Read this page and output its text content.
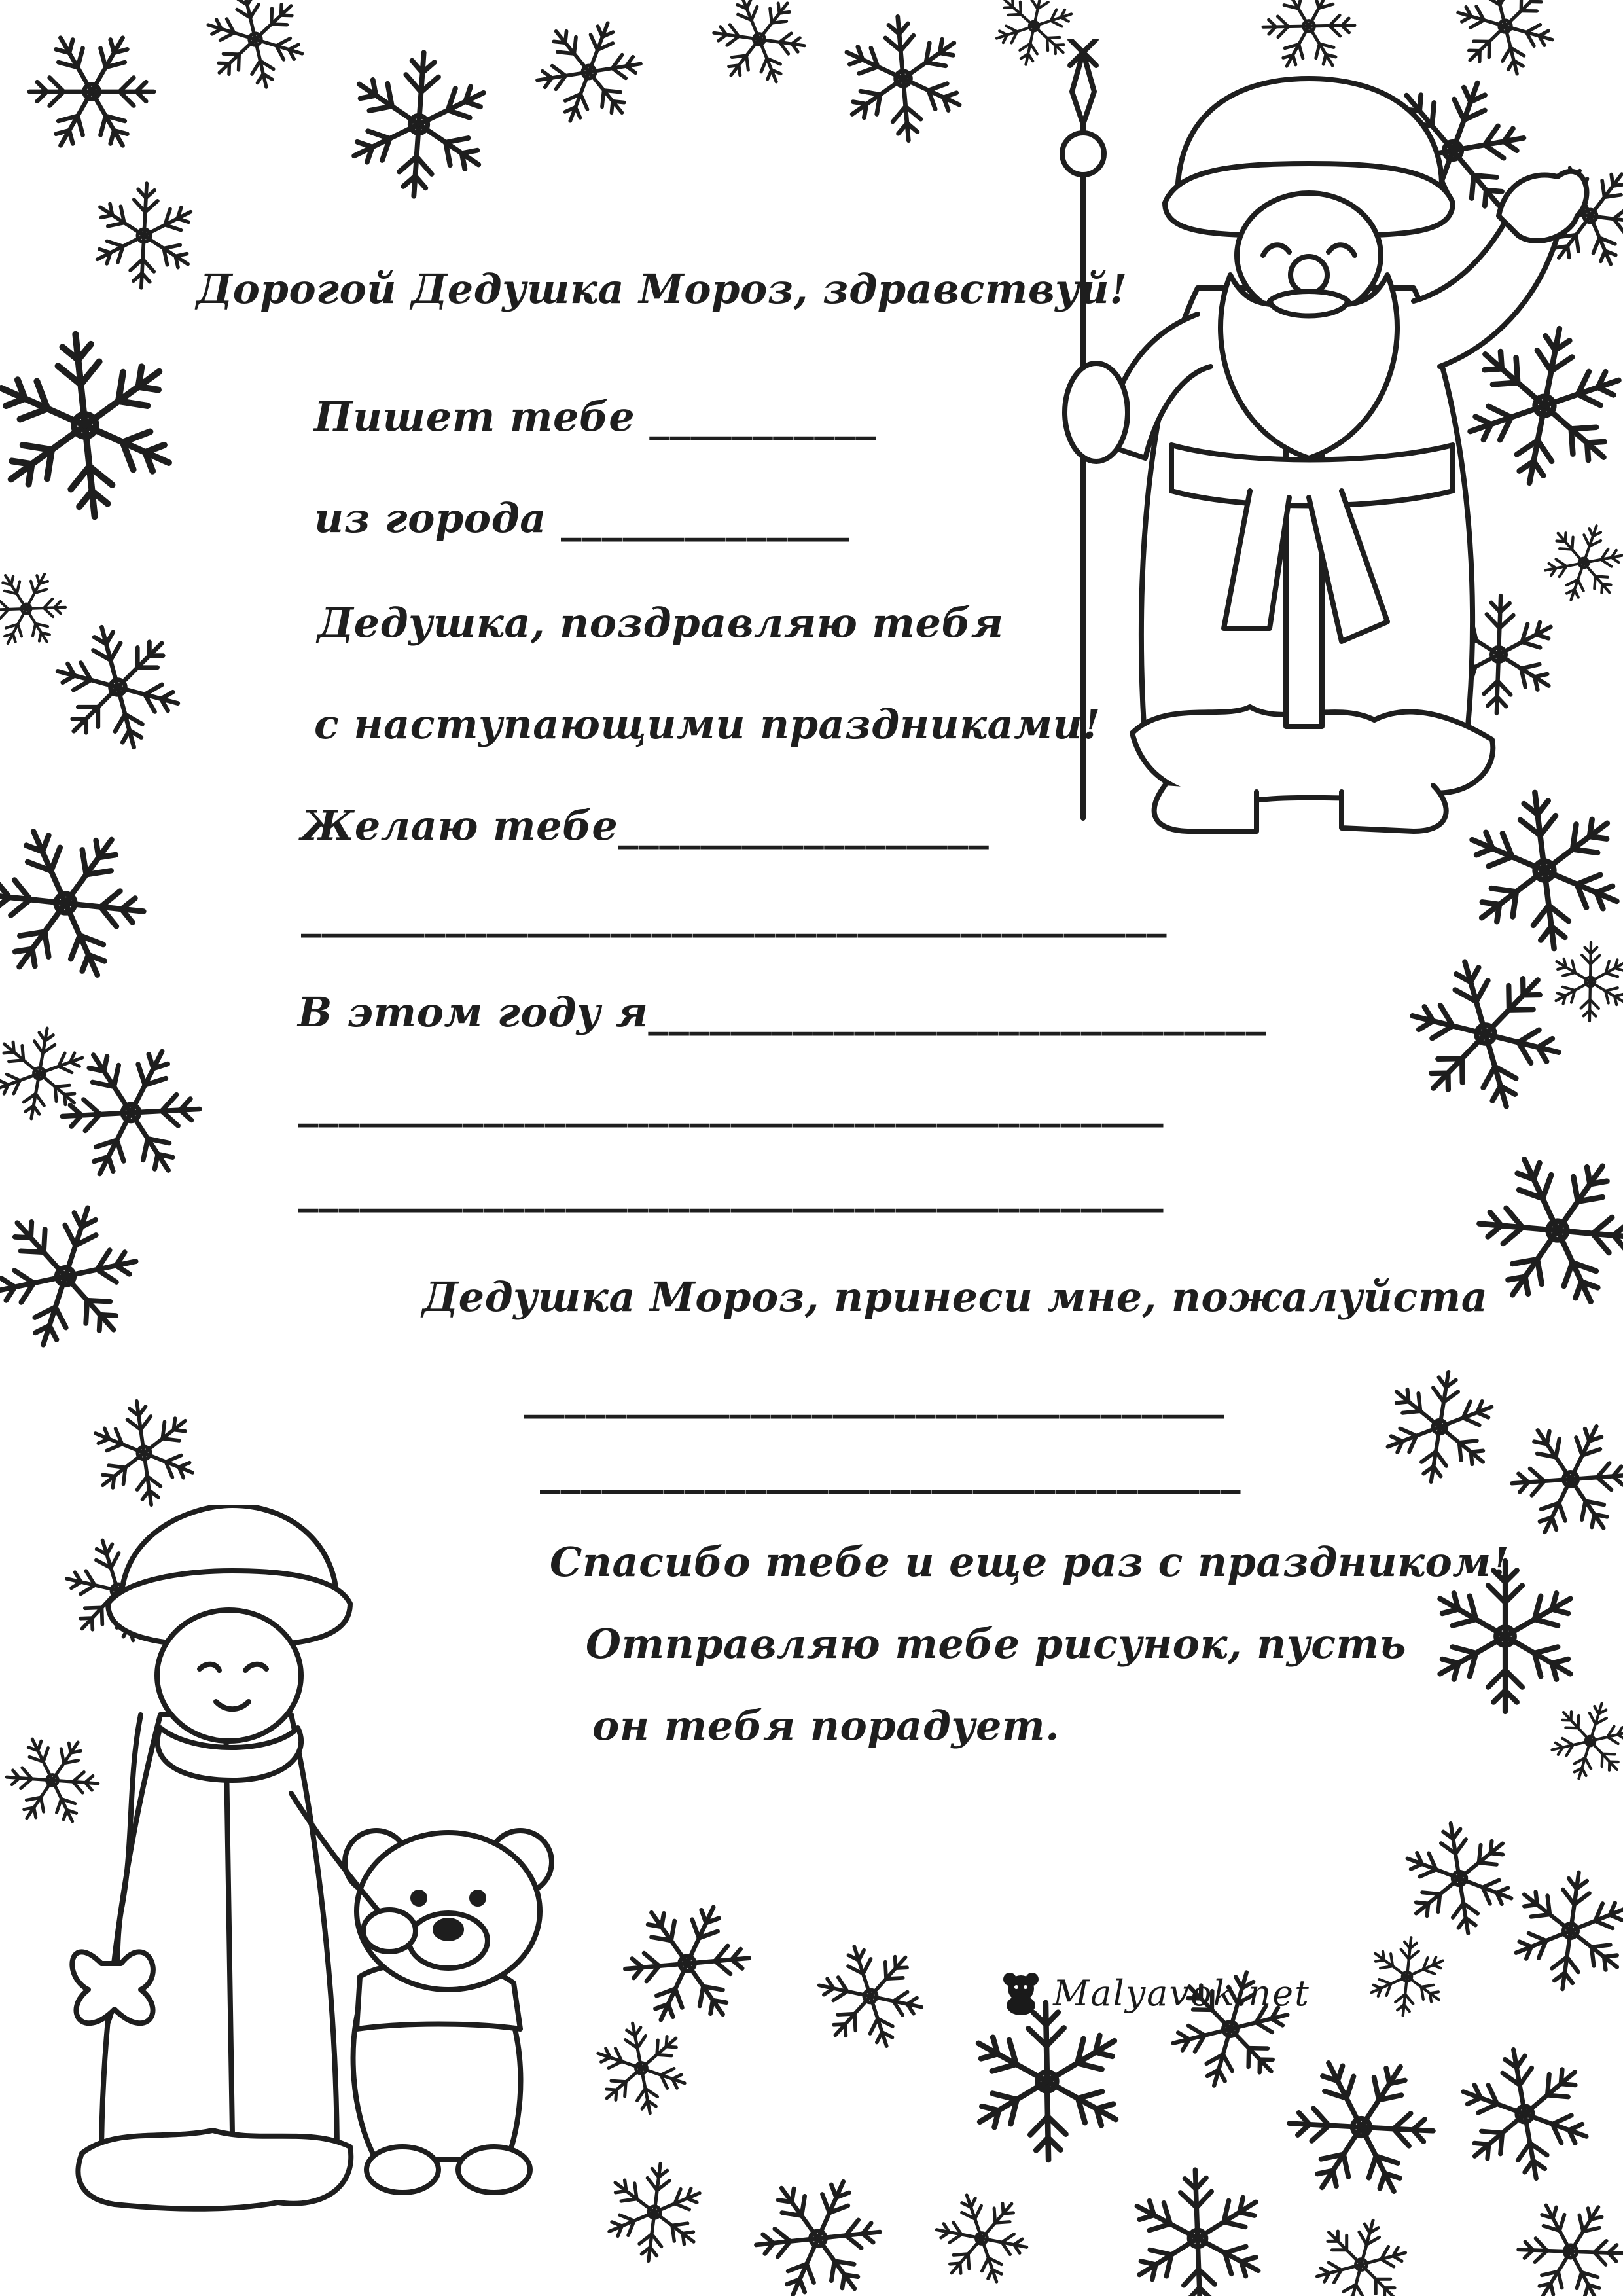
Дорогой Дедушка Мороз, здравствуй!
Пишет тебе ___________
из города ______________
Дедушка, поздравляю тебя
с наступающими праздниками!
Желаю тебе__________________
__________________________________________
В этом году я______________________________
__________________________________________
__________________________________________
Дедушка Мороз, принеси мне, пожалуйста
__________________________________
__________________________________
Спасибо тебе и еще раз с праздником!
Отправляю тебе рисунок, пусть
он тебя порадует.
Malyavok.net
